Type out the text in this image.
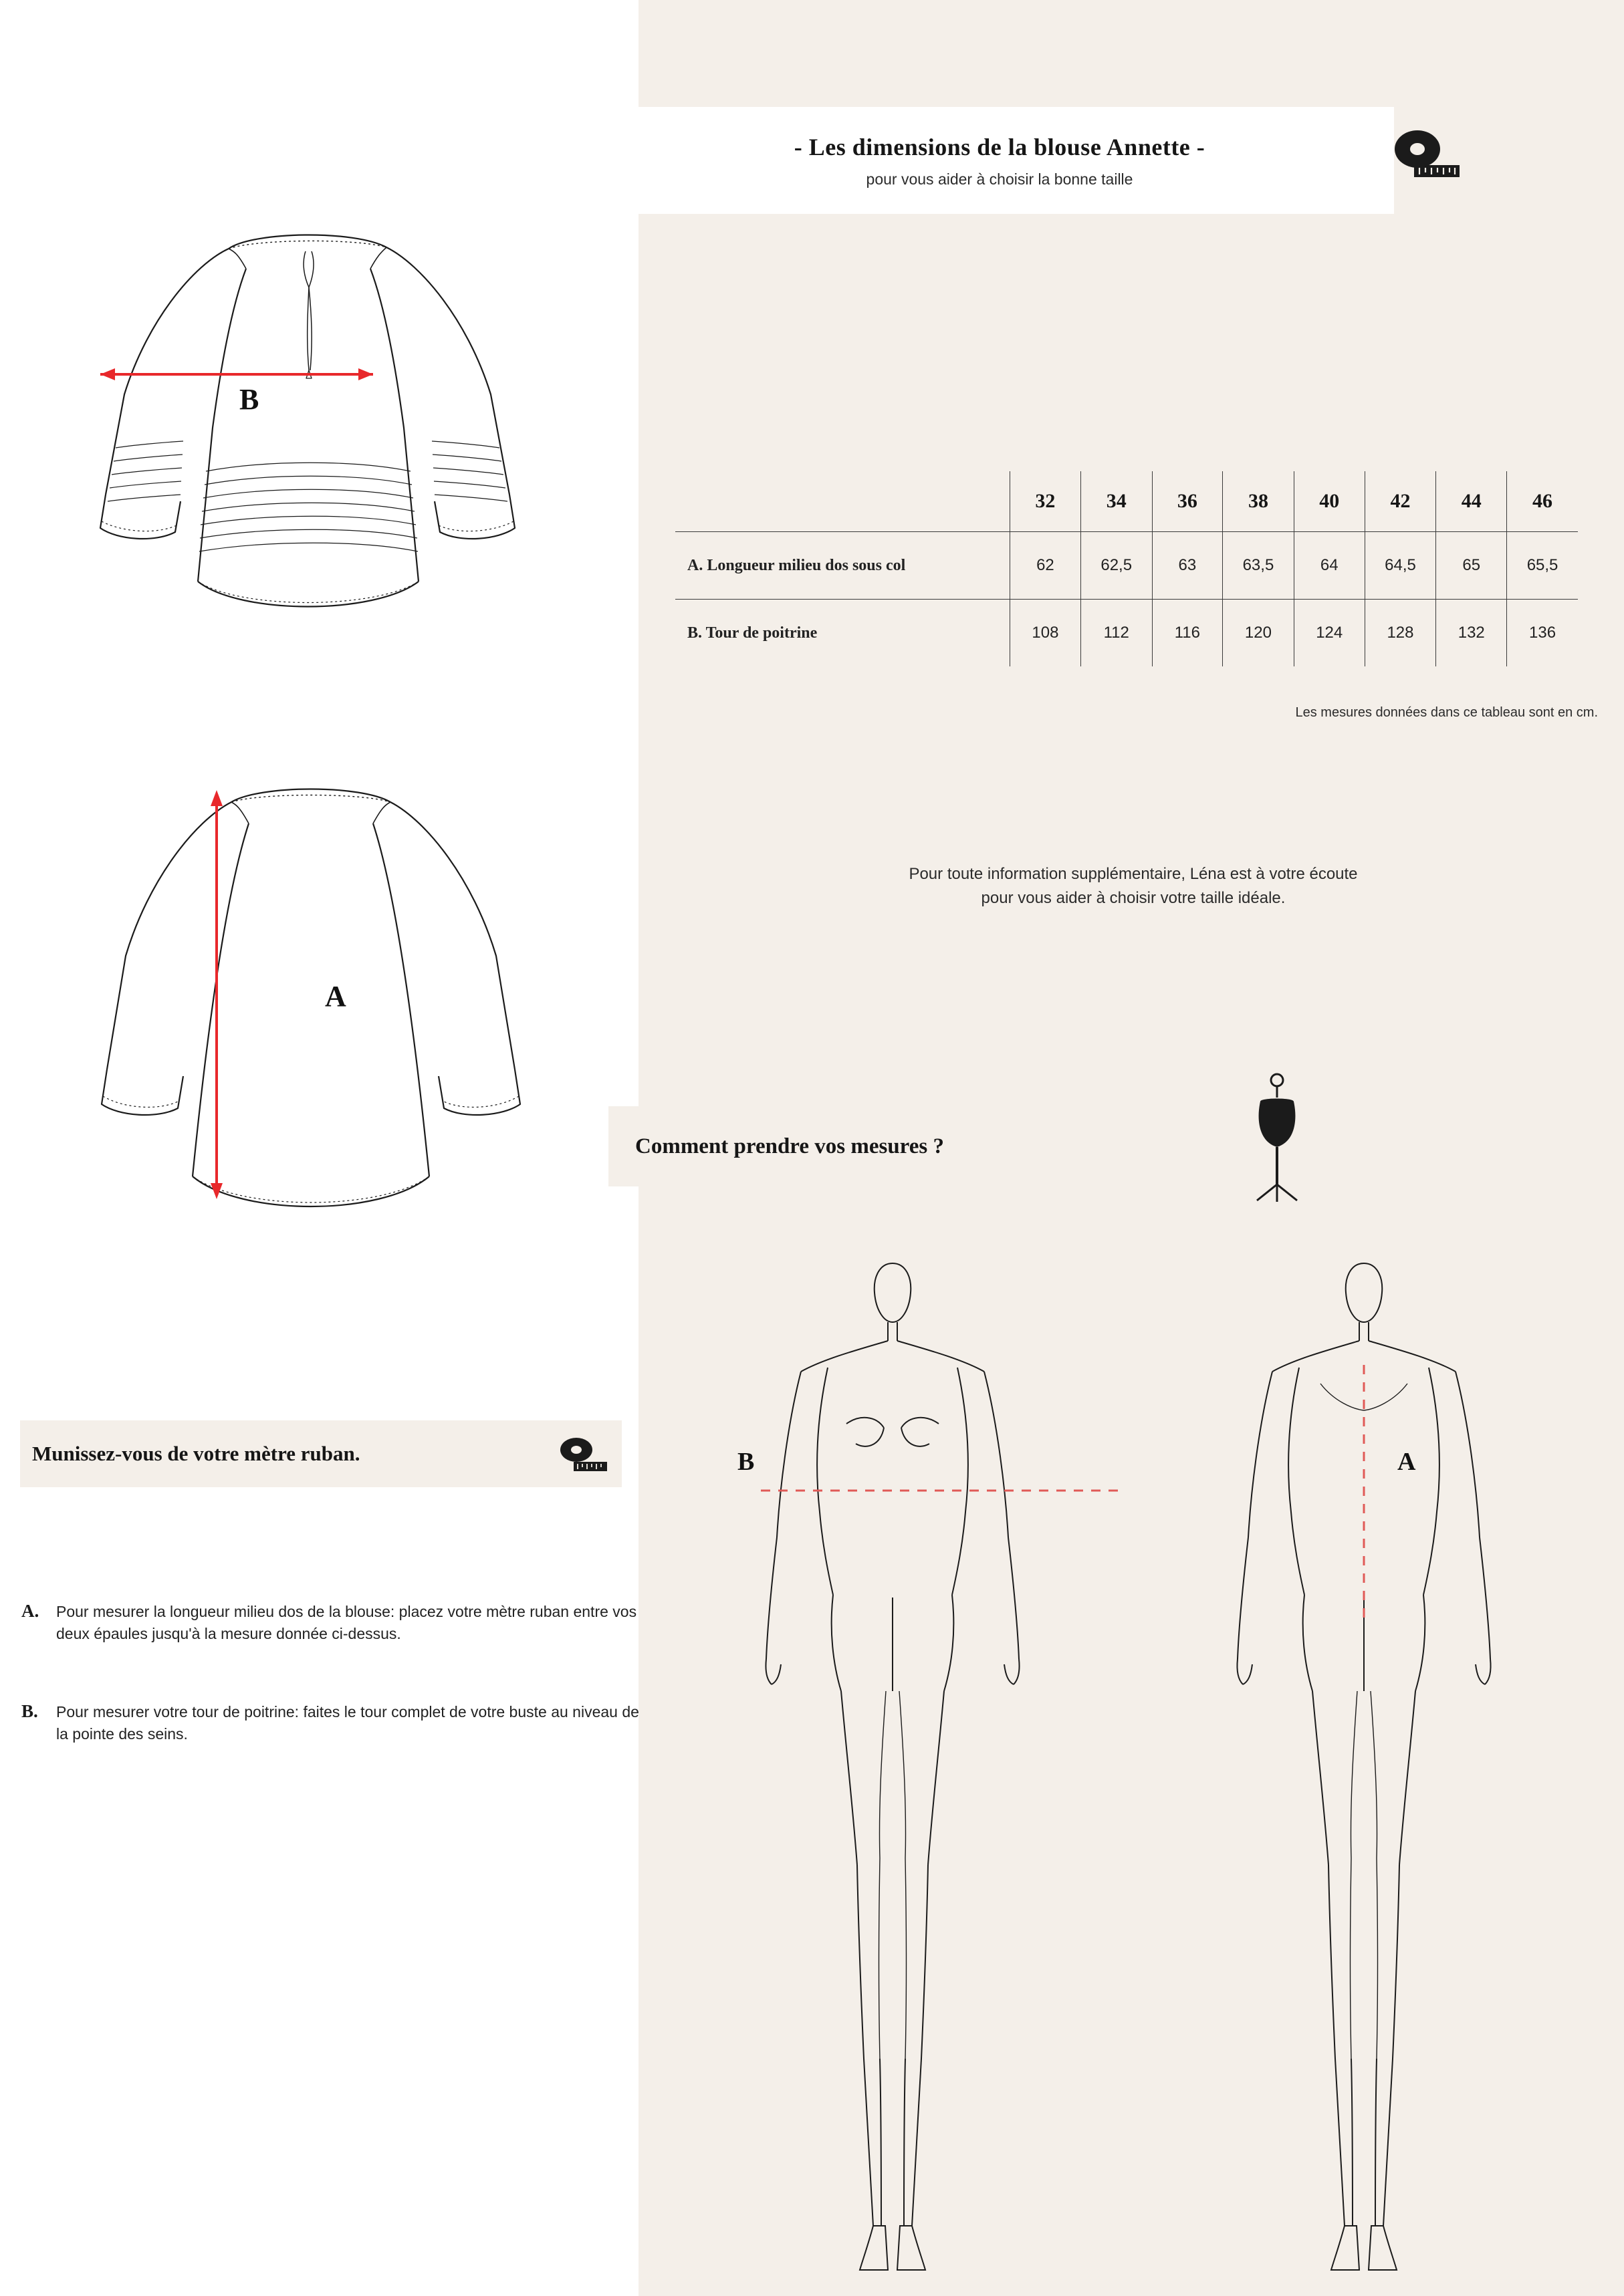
- Les dimensions de la blouse Annette -
pour vous aider à choisir la bonne taille
	32	34	36	38	40	42	44	46
A. Longueur milieu dos sous col	62	62,5	63	63,5	64	64,5	65	65,5
B. Tour de poitrine	108	112	116	120	124	128	132	136
Les mesures données dans ce tableau sont en cm.
Pour toute information supplémentaire, Léna est à votre écoute
pour vous aider à choisir votre taille idéale.
Comment prendre vos mesures ?
Munissez-vous de votre mètre ruban.
A.	Pour mesurer la longueur milieu dos de la blouse: placez votre mètre ruban entre vos deux épaules jusqu'à la mesure donnée ci-dessus.
B.	Pour mesurer votre tour de poitrine: faites le tour complet de votre buste au niveau de la pointe des seins.
B
A
B	A
